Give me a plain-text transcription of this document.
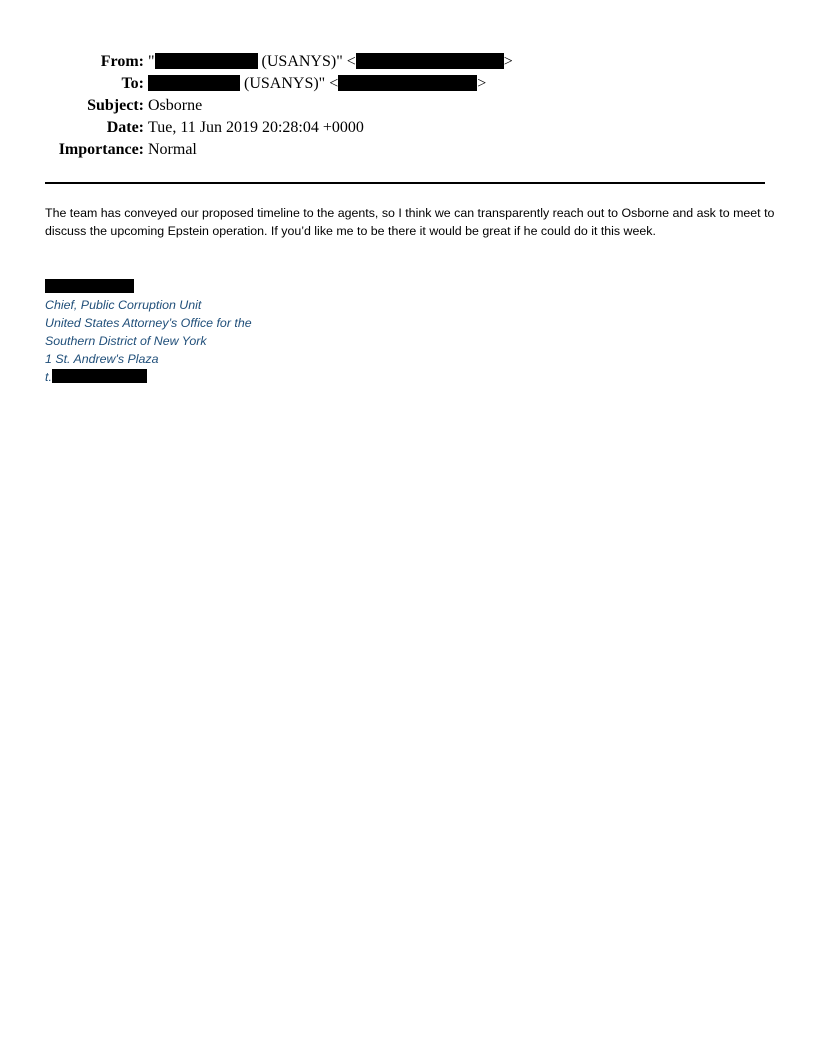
From: "	(USANYS)" <	>
To:	(USANYS)" <	>
Subject: Osborne
Date: Tue, 11 Jun 2019 20:28:04 +0000
Importance: Normal
The team has conveyed our proposed timeline to the agents, so I think we can transparently reach out to Osborne and ask to meet to discuss the upcoming Epstein operation. If you’d like me to be there it would be great if he could do it this week.
Chief, Public Corruption Unit
United States Attorney’s Office for the
Southern District of New York
1 St. Andrew's Plaza
t.
